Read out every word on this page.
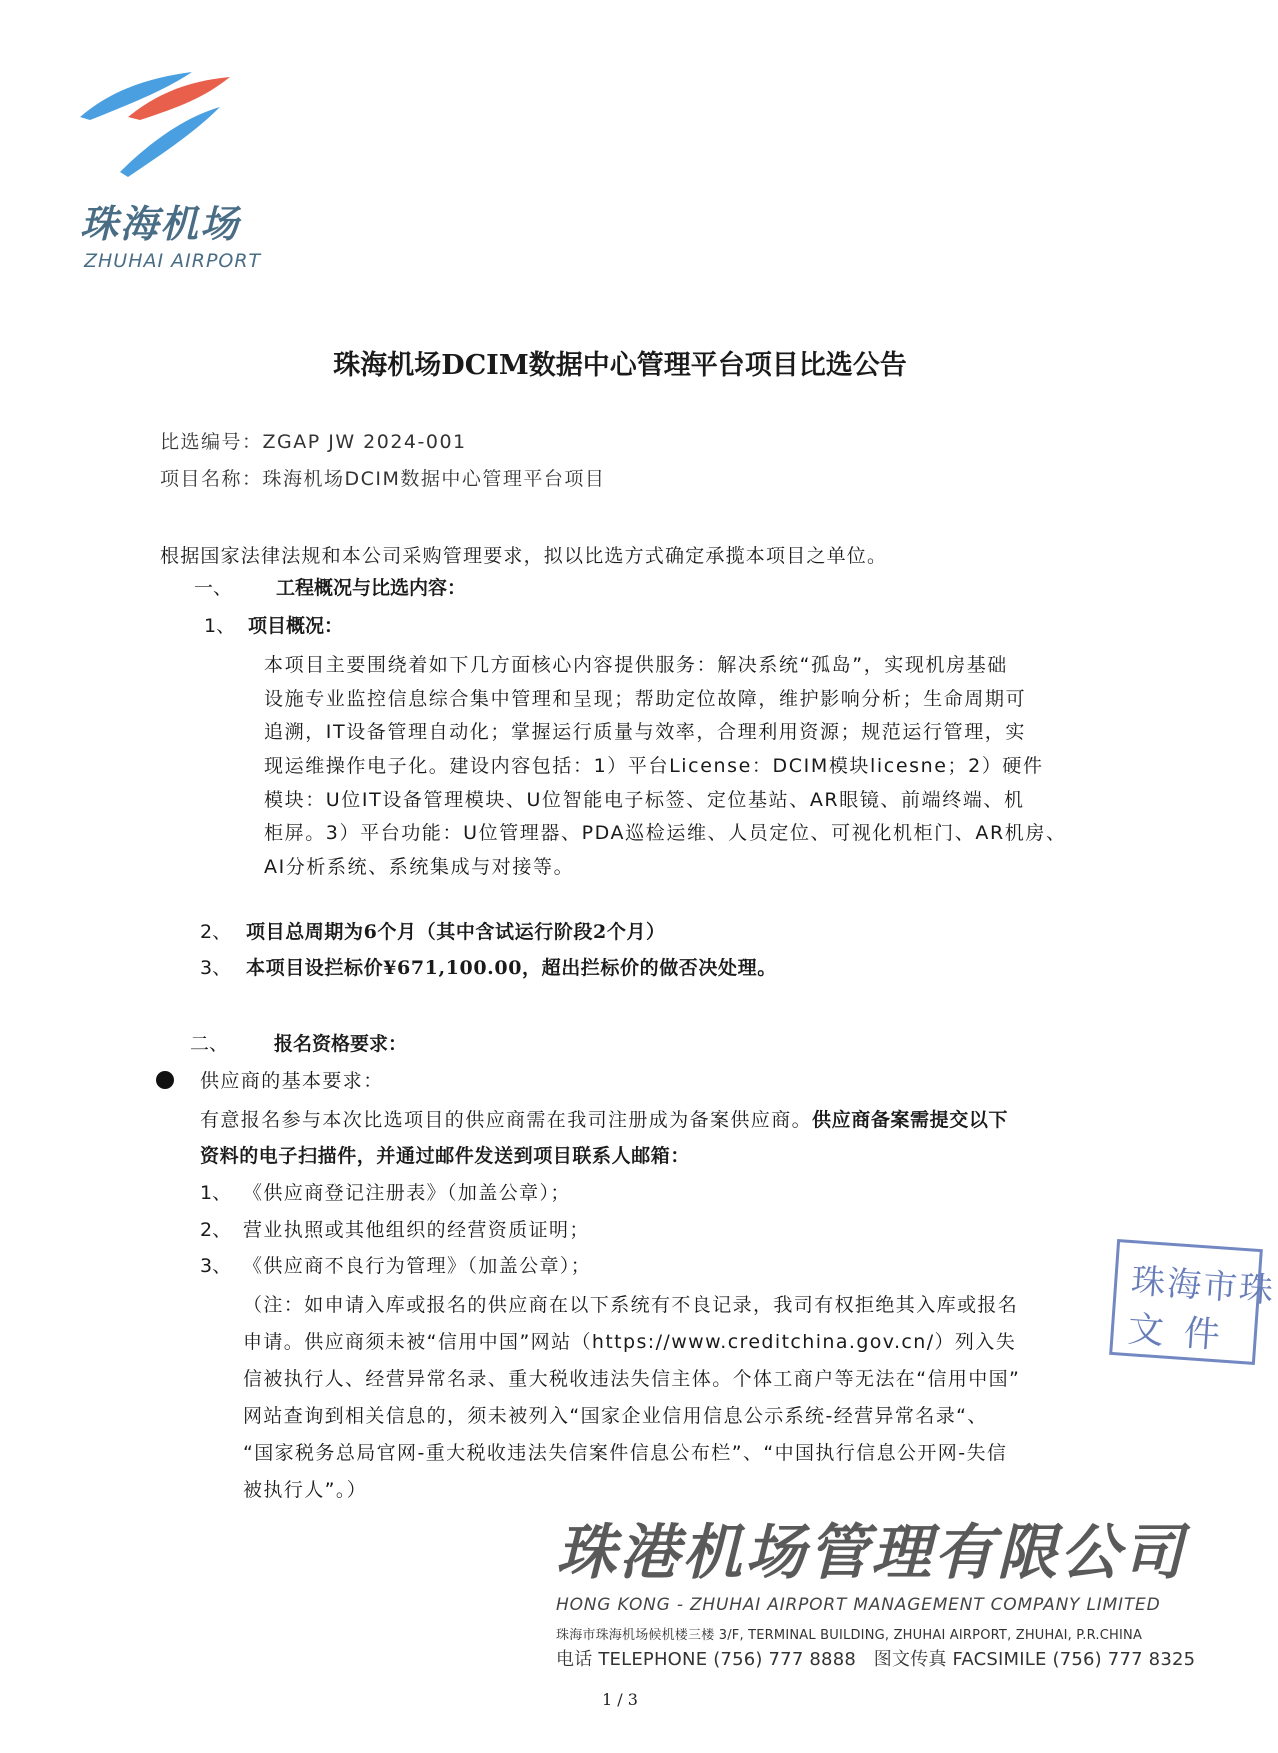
珠海机场
ZHUHAI AIRPORT
珠海机场DCIM数据中心管理平台项目比选公告
比选编号：ZGAP JW 2024-001
项目名称：珠海机场DCIM数据中心管理平台项目
根据国家法律法规和本公司采购管理要求，拟以比选方式确定承揽本项目之单位。
一、 工程概况与比选内容：
1、 项目概况：
本项目主要围绕着如下几方面核心内容提供服务：解决系统“孤岛”，实现机房基础
设施专业监控信息综合集中管理和呈现；帮助定位故障，维护影响分析；生命周期可
追溯，IT设备管理自动化；掌握运行质量与效率，合理利用资源；规范运行管理，实
现运维操作电子化。建设内容包括：1）平台License：DCIM模块licesne；2）硬件
模块：U位IT设备管理模块、U位智能电子标签、定位基站、AR眼镜、前端终端、机
柜屏。3）平台功能：U位管理器、PDA巡检运维、人员定位、可视化机柜门、AR机房、
AI分析系统、系统集成与对接等。
2、 项目总周期为6个月（其中含试运行阶段2个月）
3、 本项目设拦标价¥671,100.00，超出拦标价的做否决处理。
二、 报名资格要求：
供应商的基本要求：
有意报名参与本次比选项目的供应商需在我司注册成为备案供应商。供应商备案需提交以下
资料的电子扫描件，并通过邮件发送到项目联系人邮箱：
1、 《供应商登记注册表》（加盖公章）；
2、 营业执照或其他组织的经营资质证明；
3、 《供应商不良行为管理》（加盖公章）；
（注：如申请入库或报名的供应商在以下系统有不良记录，我司有权拒绝其入库或报名
申请。供应商须未被“信用中国”网站（https://www.creditchina.gov.cn/）列入失
信被执行人、经营异常名录、重大税收违法失信主体。个体工商户等无法在“信用中国”
网站查询到相关信息的，须未被列入“国家企业信用信息公示系统-经营异常名录“、
“国家税务总局官网-重大税收违法失信案件信息公布栏”、“中国执行信息公开网-失信
被执行人”。）
珠海市珠
文件
珠港机场管理有限公司
HONG KONG - ZHUHAI AIRPORT MANAGEMENT COMPANY LIMITED
珠海市珠海机场候机楼三楼 3/F, TERMINAL BUILDING, ZHUHAI AIRPORT, ZHUHAI, P.R.CHINA
电话 TELEPHONE (756) 777 8888 图文传真 FACSIMILE (756) 777 8325
1 / 3
